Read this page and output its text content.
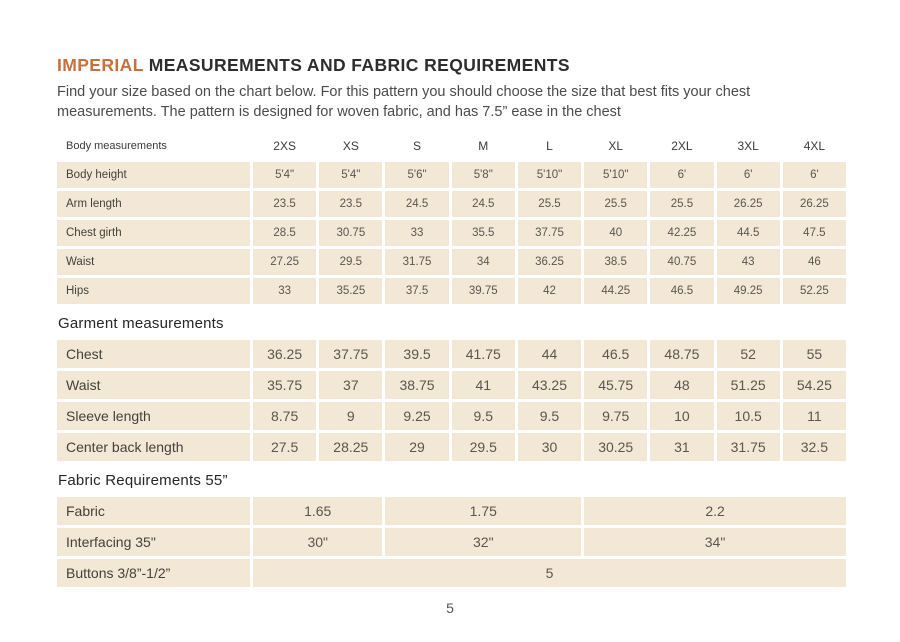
IMPERIAL MEASUREMENTS AND FABRIC REQUIREMENTS

Find your size based on the chart below. For this pattern you should choose the size that best fits your chest measurements. The pattern is designed for woven fabric, and has 7.5” ease in the chest

Body measurements	2XS	XS	S	M	L	XL	2XL	3XL	4XL
Body height	5'4"	5'4"	5'6"	5'8"	5'10"	5'10"	6'	6'	6'
Arm length	23.5	23.5	24.5	24.5	25.5	25.5	25.5	26.25	26.25
Chest girth	28.5	30.75	33	35.5	37.75	40	42.25	44.5	47.5
Waist	27.25	29.5	31.75	34	36.25	38.5	40.75	43	46
Hips	33	35.25	37.5	39.75	42	44.25	46.5	49.25	52.25
Garment measurements
Chest	36.25	37.75	39.5	41.75	44	46.5	48.75	52	55
Waist	35.75	37	38.75	41	43.25	45.75	48	51.25	54.25
Sleeve length	8.75	9	9.25	9.5	9.5	9.75	10	10.5	11
Center back length	27.5	28.25	29	29.5	30	30.25	31	31.75	32.5
Fabric Requirements 55”
Fabric	1.65	1.75	2.2
Interfacing 35"	30"	32"	34"
Buttons 3/8”-1/2”	5
5
